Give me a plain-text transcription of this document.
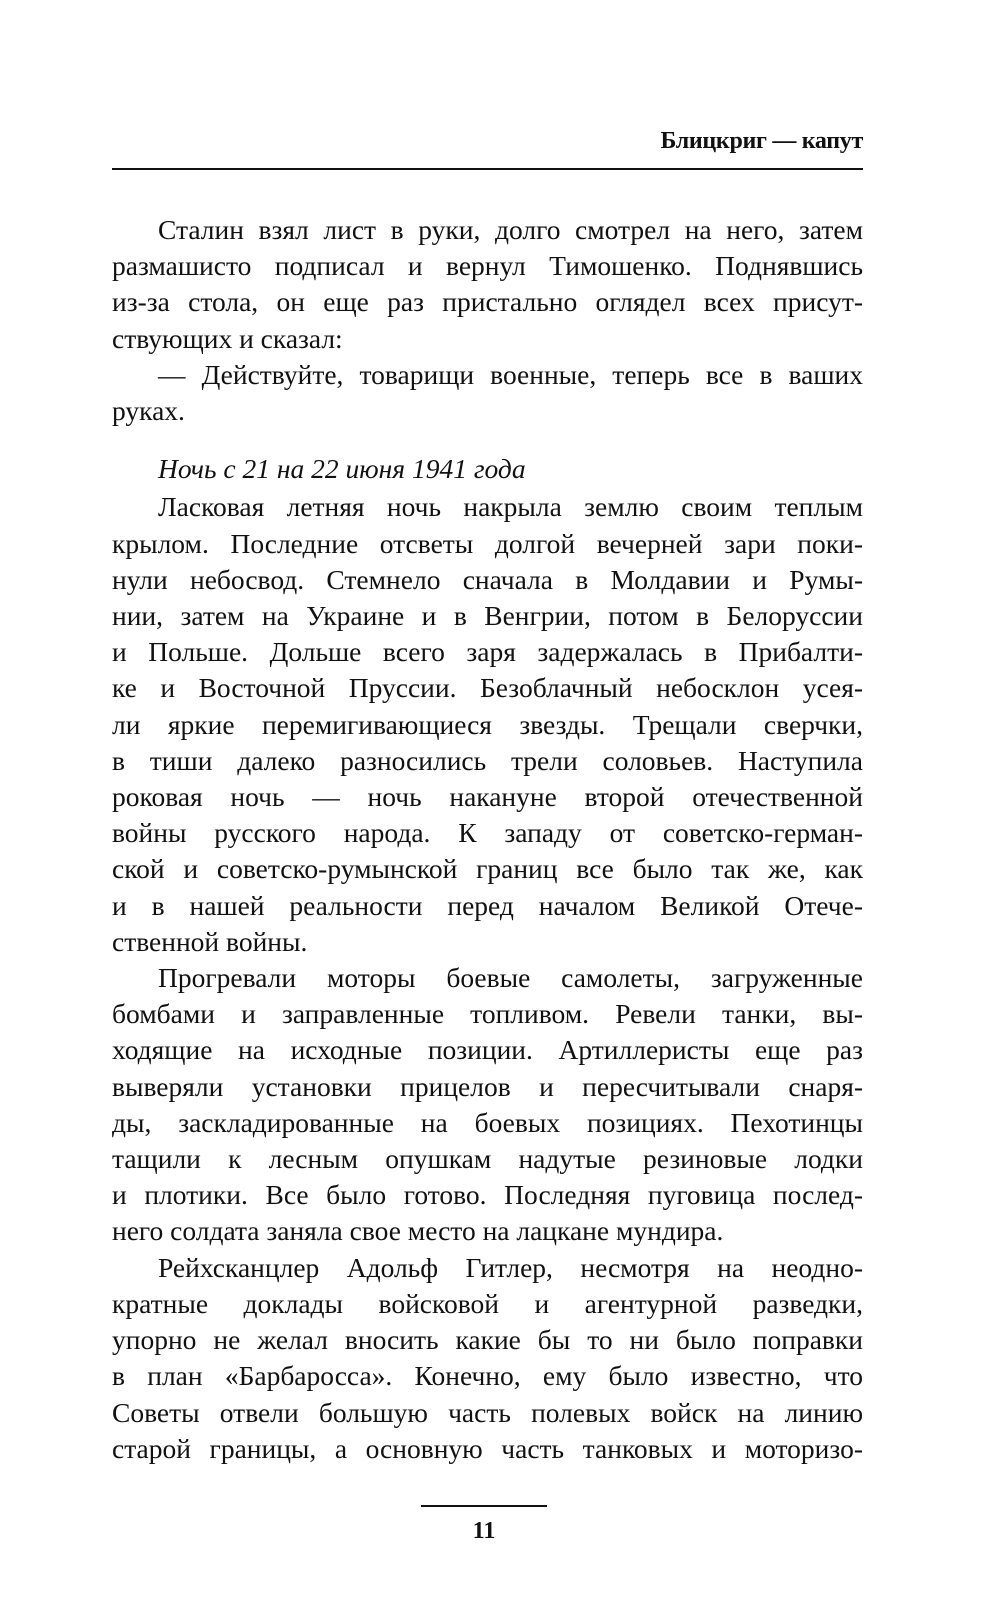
Блицкриг — капут
Сталин взял лист в руки, долго смотрел на него, затем
размашисто подписал и вернул Тимошенко. Поднявшись
из-за стола, он еще раз пристально оглядел всех присут-
ствующих и сказал:
— Действуйте, товарищи военные, теперь все в ваших
руках.
Ночь с 21 на 22 июня 1941 года
Ласковая летняя ночь накрыла землю своим теплым
крылом. Последние отсветы долгой вечерней зари поки-
нули небосвод. Стемнело сначала в Молдавии и Румы-
нии, затем на Украине и в Венгрии, потом в Белоруссии
и Польше. Дольше всего заря задержалась в Прибалти-
ке и Восточной Пруссии. Безоблачный небосклон усея-
ли яркие перемигивающиеся звезды. Трещали сверчки,
в тиши далеко разносились трели соловьев. Наступила
роковая ночь — ночь накануне второй отечественной
войны русского народа. К западу от советско-герман-
ской и советско-румынской границ все было так же, как
и в нашей реальности перед началом Великой Отече-
ственной войны.
Прогревали моторы боевые самолеты, загруженные
бомбами и заправленные топливом. Ревели танки, вы-
ходящие на исходные позиции. Артиллеристы еще раз
выверяли установки прицелов и пересчитывали снаря-
ды, заскладированные на боевых позициях. Пехотинцы
тащили к лесным опушкам надутые резиновые лодки
и плотики. Все было готово. Последняя пуговица послед-
него солдата заняла свое место на лацкане мундира.
Рейхсканцлер Адольф Гитлер, несмотря на неодно-
кратные доклады войсковой и агентурной разведки,
упорно не желал вносить какие бы то ни было поправки
в план «Барбаросса». Конечно, ему было известно, что
Советы отвели большую часть полевых войск на линию
старой границы, а основную часть танковых и моторизо-
11
